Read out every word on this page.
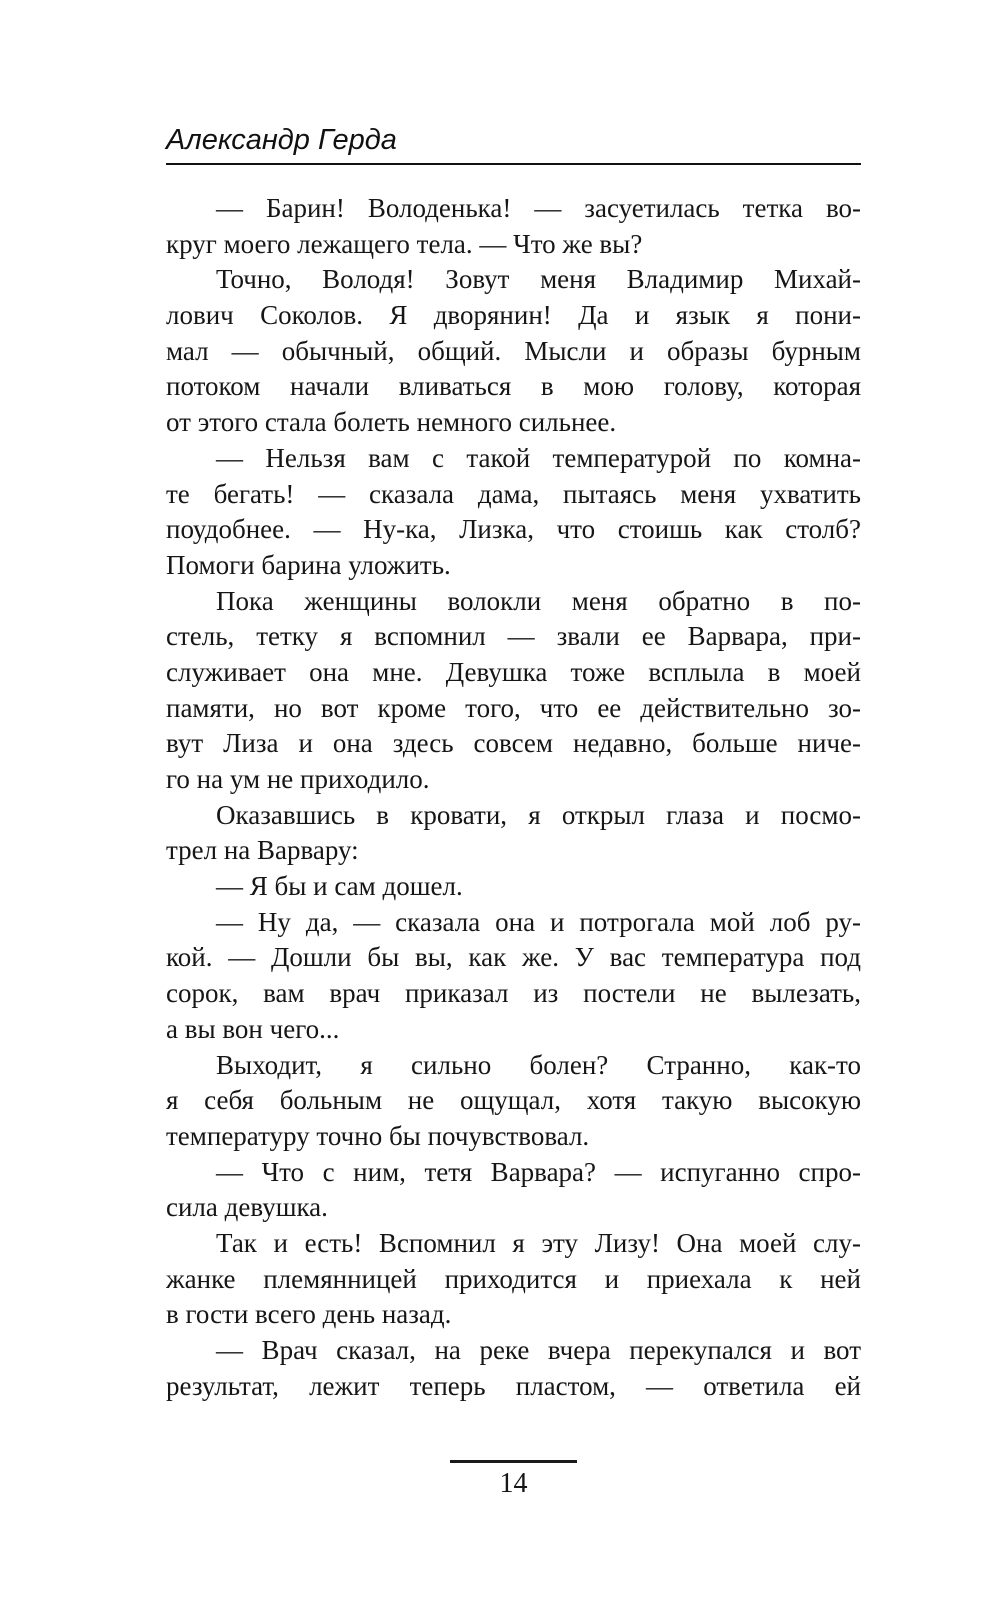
Александр Герда
— Барин! Володенька! — засуетилась тетка во-
круг моего лежащего тела. — Что же вы?
Точно, Володя! Зовут меня Владимир Михай-
лович Соколов. Я дворянин! Да и язык я пони-
мал — обычный, общий. Мысли и образы бурным
потоком начали вливаться в мою голову, которая
от этого стала болеть немного сильнее.
— Нельзя вам с такой температурой по комна-
те бегать! — сказала дама, пытаясь меня ухватить
поудобнее. — Ну-ка, Лизка, что стоишь как столб?
Помоги барина уложить.
Пока женщины волокли меня обратно в по-
стель, тетку я вспомнил — звали ее Варвара, при-
служивает она мне. Девушка тоже всплыла в моей
памяти, но вот кроме того, что ее действительно зо-
вут Лиза и она здесь совсем недавно, больше ниче-
го на ум не приходило.
Оказавшись в кровати, я открыл глаза и посмо-
трел на Варвару:
— Я бы и сам дошел.
— Ну да, — сказала она и потрогала мой лоб ру-
кой. — Дошли бы вы, как же. У вас температура под
сорок, вам врач приказал из постели не вылезать,
а вы вон чего...
Выходит, я сильно болен? Странно, как-то
я себя больным не ощущал, хотя такую высокую
температуру точно бы почувствовал.
— Что с ним, тетя Варвара? — испуганно спро-
сила девушка.
Так и есть! Вспомнил я эту Лизу! Она моей слу-
жанке племянницей приходится и приехала к ней
в гости всего день назад.
— Врач сказал, на реке вчера перекупался и вот
результат, лежит теперь пластом, — ответила ей
14
